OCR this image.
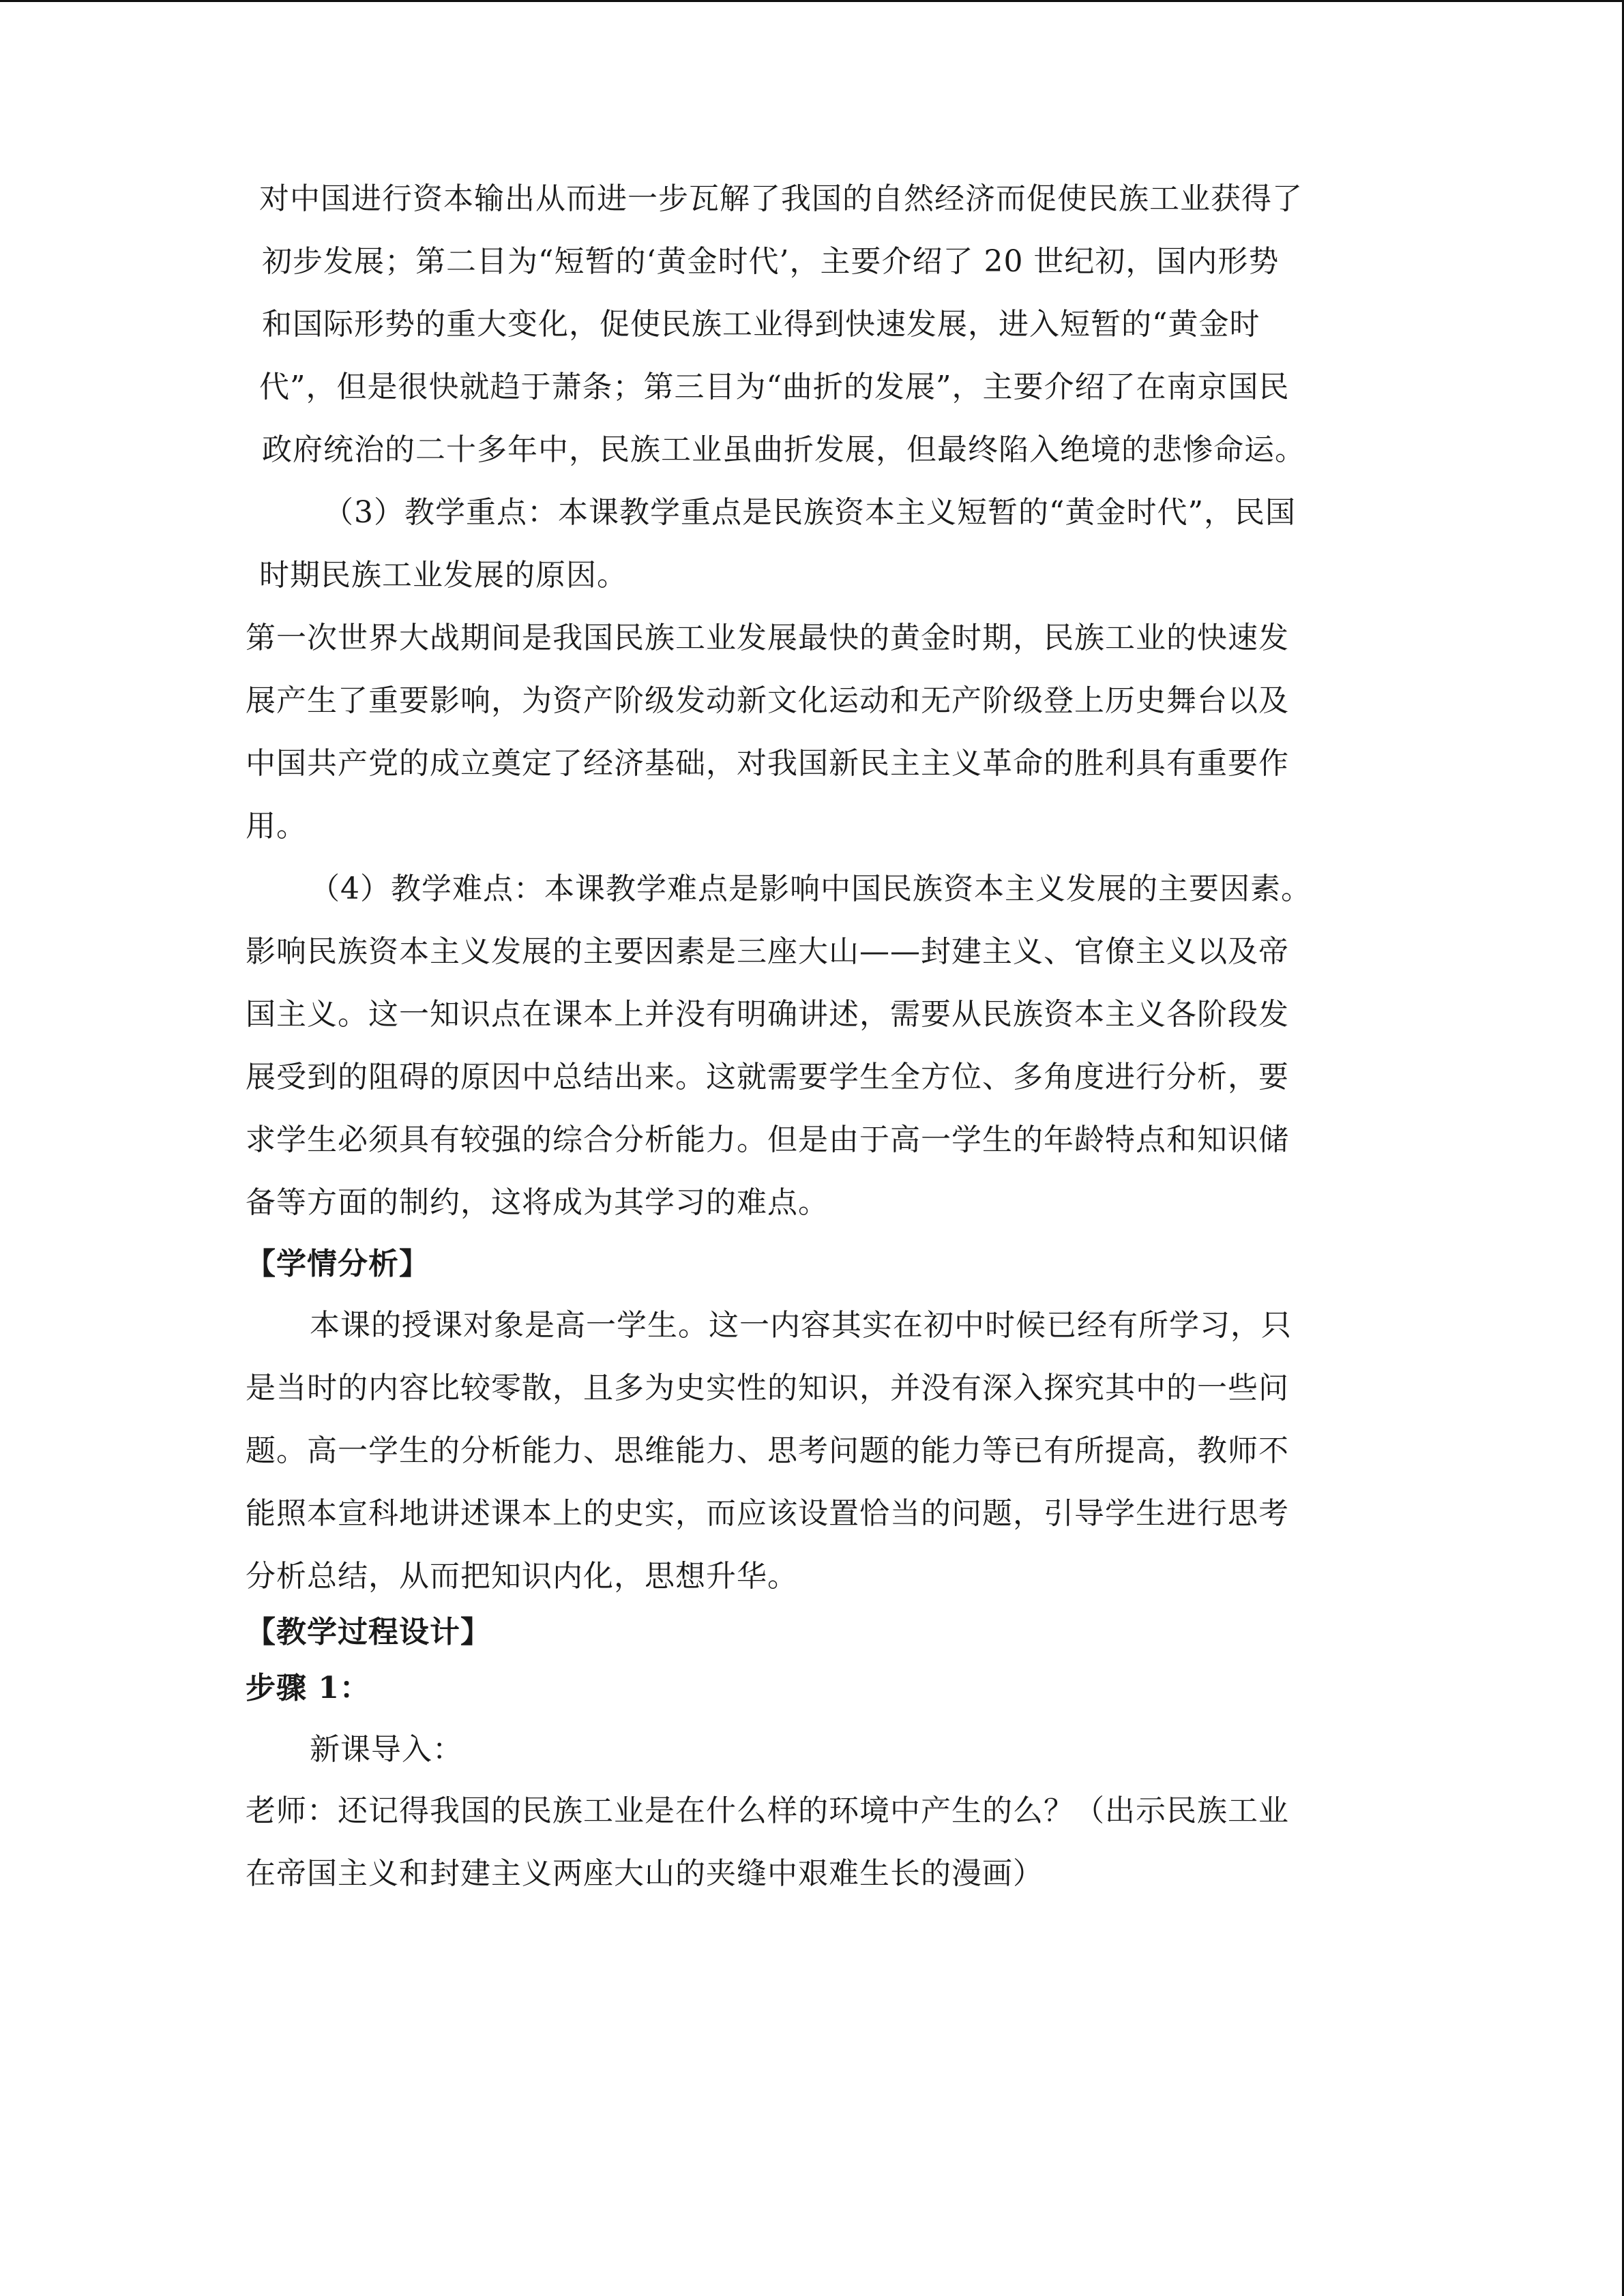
对中国进行资本输出从而进一步瓦解了我国的自然经济而促使民族工业获得了
初步发展；第二目为“短暂的‘黄金时代’，主要介绍了 20 世纪初，国内形势
和国际形势的重大变化，促使民族工业得到快速发展，进入短暂的“黄金时
代”，但是很快就趋于萧条；第三目为“曲折的发展”，主要介绍了在南京国民
政府统治的二十多年中，民族工业虽曲折发展，但最终陷入绝境的悲惨命运。
（3）教学重点：本课教学重点是民族资本主义短暂的“黄金时代”，民国
时期民族工业发展的原因。
第一次世界大战期间是我国民族工业发展最快的黄金时期，民族工业的快速发
展产生了重要影响，为资产阶级发动新文化运动和无产阶级登上历史舞台以及
中国共产党的成立奠定了经济基础，对我国新民主主义革命的胜利具有重要作
用。
（4）教学难点：本课教学难点是影响中国民族资本主义发展的主要因素。
影响民族资本主义发展的主要因素是三座大山——封建主义、官僚主义以及帝
国主义。这一知识点在课本上并没有明确讲述，需要从民族资本主义各阶段发
展受到的阻碍的原因中总结出来。这就需要学生全方位、多角度进行分析，要
求学生必须具有较强的综合分析能力。但是由于高一学生的年龄特点和知识储
备等方面的制约，这将成为其学习的难点。
【学情分析】
本课的授课对象是高一学生。这一内容其实在初中时候已经有所学习，只
是当时的内容比较零散，且多为史实性的知识，并没有深入探究其中的一些问
题。高一学生的分析能力、思维能力、思考问题的能力等已有所提高，教师不
能照本宣科地讲述课本上的史实，而应该设置恰当的问题，引导学生进行思考
分析总结，从而把知识内化，思想升华。
【教学过程设计】
步骤 1：
新课导入：
老师：还记得我国的民族工业是在什么样的环境中产生的么？（出示民族工业
在帝国主义和封建主义两座大山的夹缝中艰难生长的漫画）
